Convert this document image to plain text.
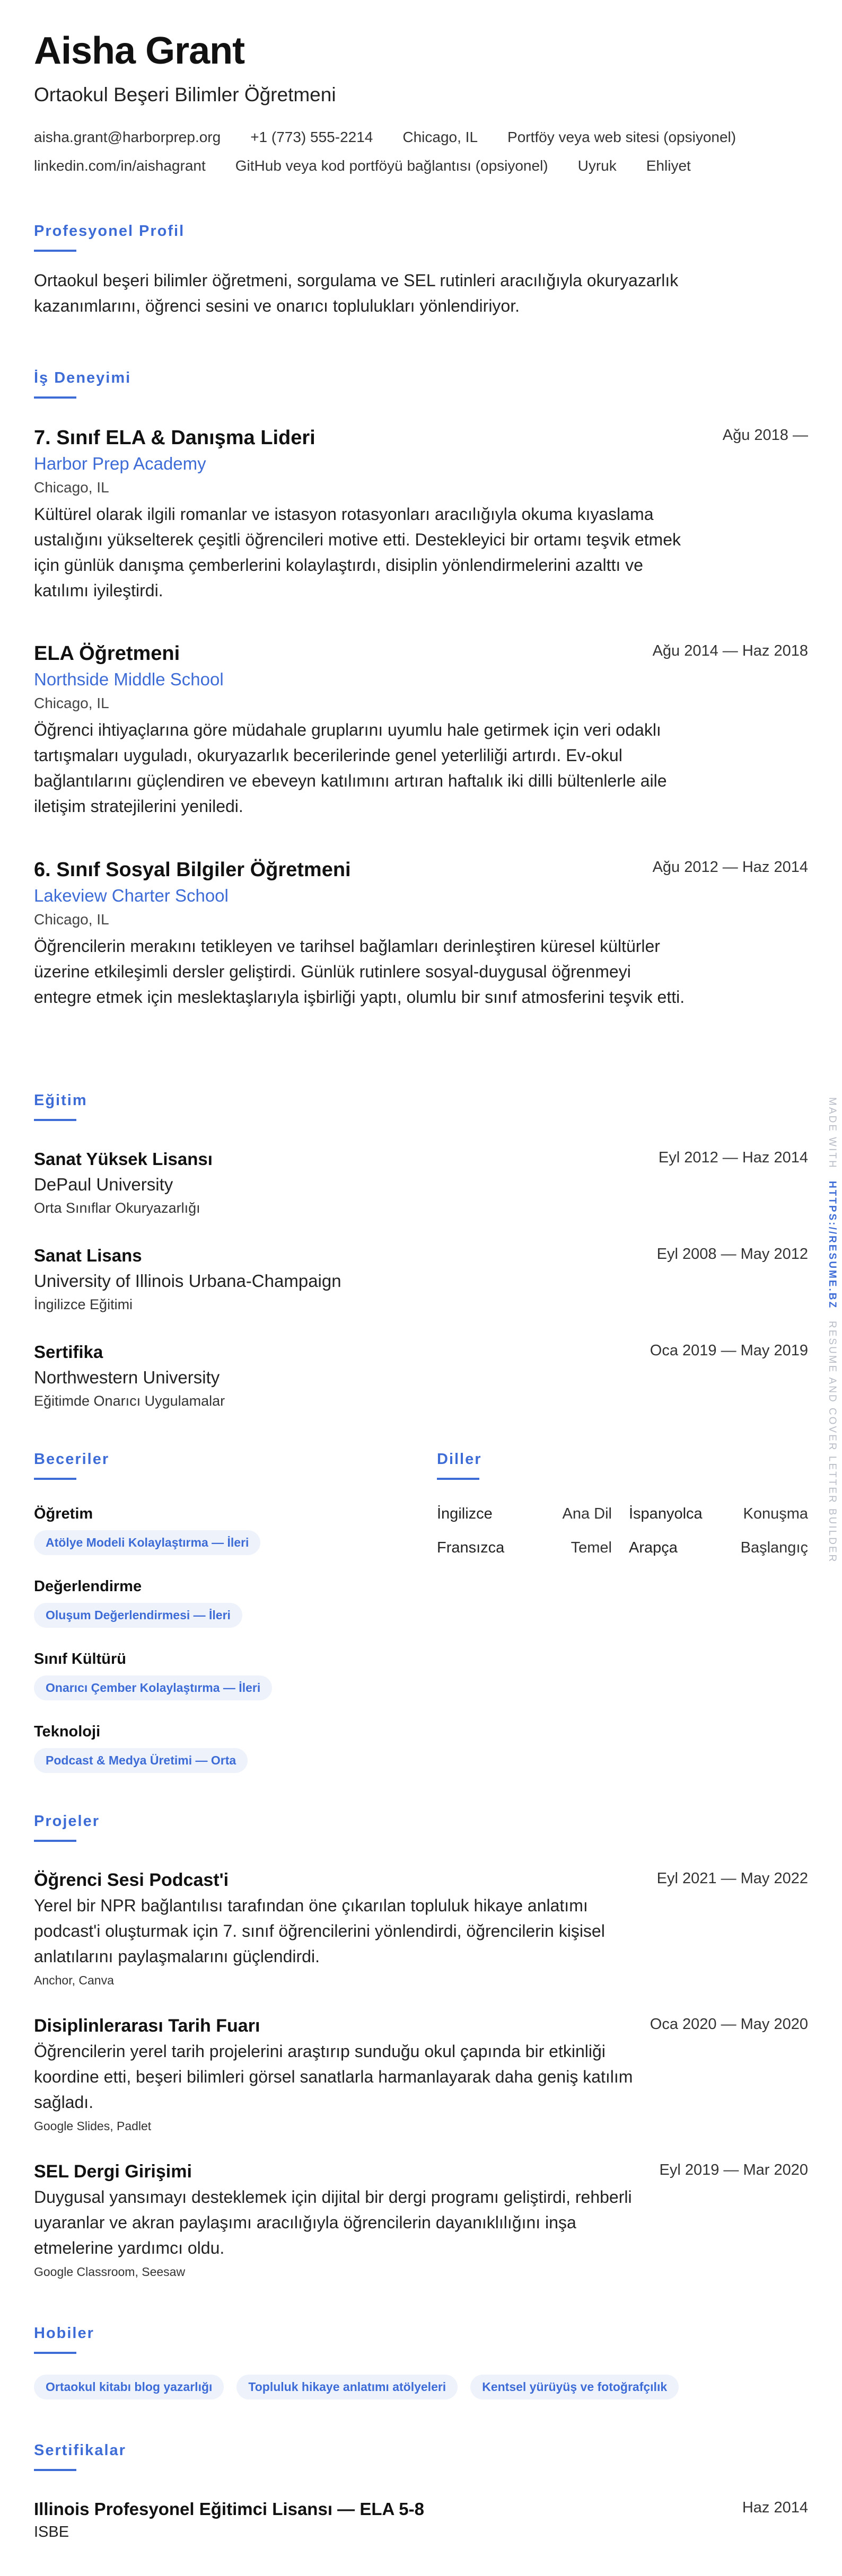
Aisha Grant
Ortaokul Beşeri Bilimler Öğretmeni
aisha.grant@harborprep.org +1 (773) 555-2214 Chicago, IL Portföy veya web sitesi (opsiyonel)
linkedin.com/in/aishagrant GitHub veya kod portföyü bağlantısı (opsiyonel) Uyruk Ehliyet
Profesyonel Profil
Ortaokul beşeri bilimler öğretmeni, sorgulama ve SEL rutinleri aracılığıyla okuryazarlık kazanımlarını, öğrenci sesini ve onarıcı toplulukları yönlendiriyor.
İş Deneyimi
Ağu 2018 —
7. Sınıf ELA & Danışma Lideri
Harbor Prep Academy
Chicago, IL
Kültürel olarak ilgili romanlar ve istasyon rotasyonları aracılığıyla okuma kıyaslama ustalığını yükselterek çeşitli öğrencileri motive etti. Destekleyici bir ortamı teşvik etmek için günlük danışma çemberlerini kolaylaştırdı, disiplin yönlendirmelerini azalttı ve katılımı iyileştirdi.
Ağu 2014 — Haz 2018
ELA Öğretmeni
Northside Middle School
Chicago, IL
Öğrenci ihtiyaçlarına göre müdahale gruplarını uyumlu hale getirmek için veri odaklı tartışmaları uyguladı, okuryazarlık becerilerinde genel yeterliliği artırdı. Ev-okul bağlantılarını güçlendiren ve ebeveyn katılımını artıran haftalık iki dilli bültenlerle aile iletişim stratejilerini yeniledi.
Ağu 2012 — Haz 2014
6. Sınıf Sosyal Bilgiler Öğretmeni
Lakeview Charter School
Chicago, IL
Öğrencilerin merakını tetikleyen ve tarihsel bağlamları derinleştiren küresel kültürler üzerine etkileşimli dersler geliştirdi. Günlük rutinlere sosyal-duygusal öğrenmeyi entegre etmek için meslektaşlarıyla işbirliği yaptı, olumlu bir sınıf atmosferini teşvik etti.
Eğitim
Eyl 2012 — Haz 2014
Sanat Yüksek Lisansı
DePaul University
Orta Sınıflar Okuryazarlığı
Eyl 2008 — May 2012
Sanat Lisans
University of Illinois Urbana-Champaign
İngilizce Eğitimi
Oca 2019 — May 2019
Sertifika
Northwestern University
Eğitimde Onarıcı Uygulamalar
Beceriler
Öğretim
Atölye Modeli Kolaylaştırma — İleri
Değerlendirme
Oluşum Değerlendirmesi — İleri
Sınıf Kültürü
Onarıcı Çember Kolaylaştırma — İleri
Teknoloji
Podcast & Medya Üretimi — Orta
Diller
İngilizce	Ana Dil İspanyolca	Konuşma
Fransızca	Temel Arapça	Başlangıç
Projeler
Eyl 2021 — May 2022
Öğrenci Sesi Podcast'i
Yerel bir NPR bağlantılısı tarafından öne çıkarılan topluluk hikaye anlatımı podcast'i oluşturmak için 7. sınıf öğrencilerini yönlendirdi, öğrencilerin kişisel anlatılarını paylaşmalarını güçlendirdi.
Anchor, Canva
Oca 2020 — May 2020
Disiplinlerarası Tarih Fuarı
Öğrencilerin yerel tarih projelerini araştırıp sunduğu okul çapında bir etkinliği koordine etti, beşeri bilimleri görsel sanatlarla harmanlayarak daha geniş katılım sağladı.
Google Slides, Padlet
Eyl 2019 — Mar 2020
SEL Dergi Girişimi
Duygusal yansımayı desteklemek için dijital bir dergi programı geliştirdi, rehberli uyaranlar ve akran paylaşımı aracılığıyla öğrencilerin dayanıklılığını inşa etmelerine yardımcı oldu.
Google Classroom, Seesaw
Hobiler
Ortaokul kitabı blog yazarlığı	Topluluk hikaye anlatımı atölyeleri	Kentsel yürüyüş ve fotoğrafçılık
Sertifikalar
Haz 2014
Illinois Profesyonel Eğitimci Lisansı — ELA 5-8
ISBE
MADE WITH HTTPS://RESUME.BZ RESUME AND COVER LETTER BUILDER
